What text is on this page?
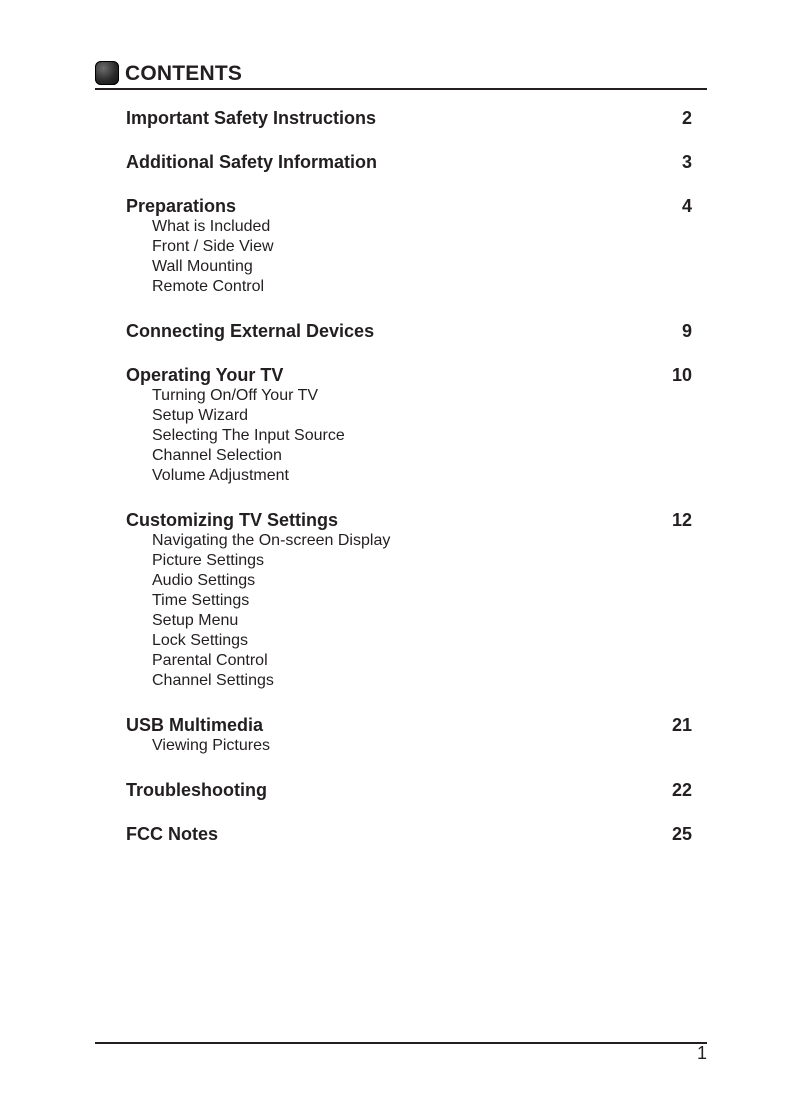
CONTENTS
Important Safety Instructions	2
Additional Safety Information	3
Preparations	4
What is Included
Front / Side View
Wall Mounting
Remote Control
Connecting External Devices	9
Operating Your TV	10
Turning On/Off Your TV
Setup Wizard
Selecting The Input Source
Channel Selection
Volume Adjustment
Customizing TV Settings	12
Navigating the On-screen Display
Picture Settings
Audio Settings
Time Settings
Setup Menu
Lock Settings
Parental Control
Channel Settings
USB Multimedia	21
Viewing Pictures
Troubleshooting	22
FCC Notes	25
1
